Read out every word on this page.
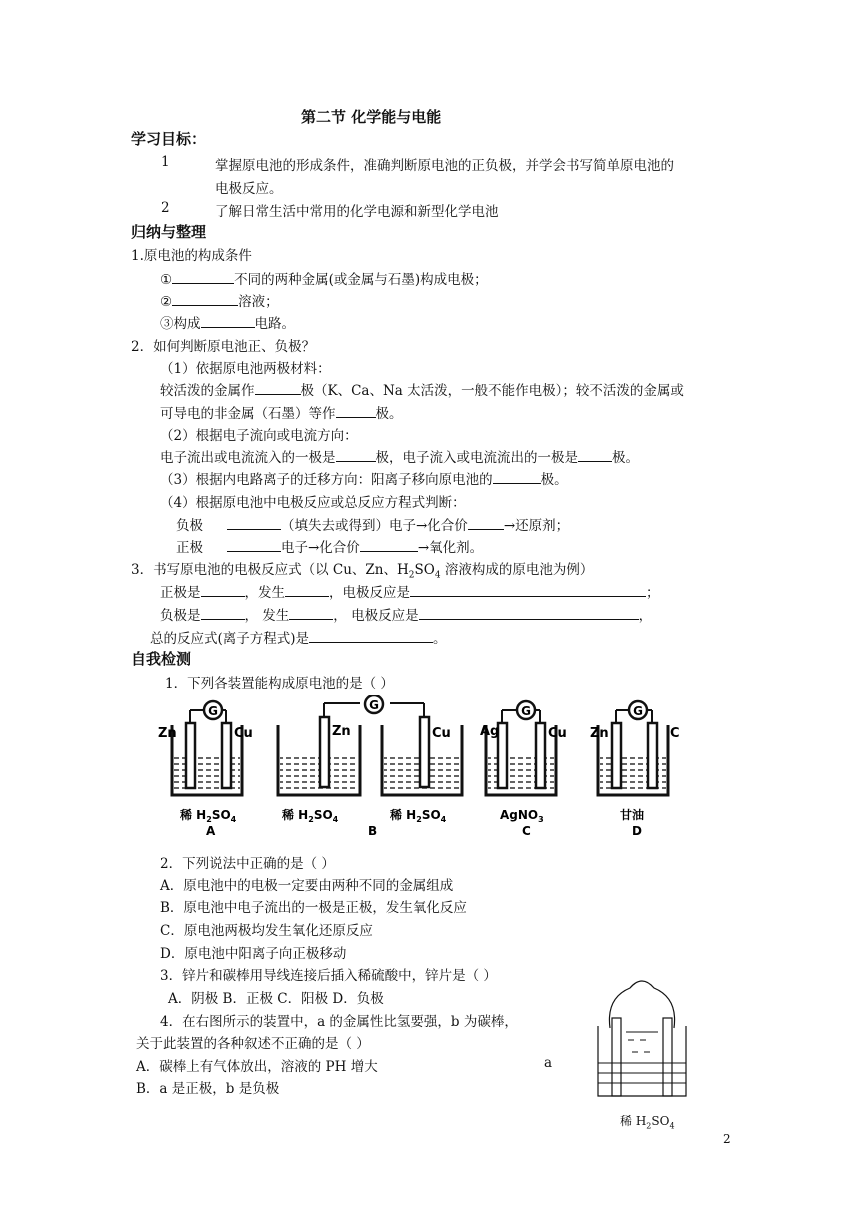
第二节 化学能与电能
学习目标：
1	掌握原电池的形成条件，准确判断原电池的正负极，并学会书写简单原电池的
电极反应。
2	了解日常生活中常用的化学电源和新型化学电池
归纳与整理
1.原电池的构成条件
①	不同的两种金属(或金属与石墨)构成电极；
②	溶液；
③构成	电路。
2．如何判断原电池正、负极？
（1）依据原电池两极材料：
较活泼的金属作	极（K、Ca、Na 太活泼，一般不能作电极）；较不活泼的金属或
可导电的非金属（石墨）等作	极。
（2）根据电子流向或电流方向：
电子流出或电流流入的一极是	极，电子流入或电流流出的一极是	极。
（3）根据内电路离子的迁移方向：阳离子移向原电池的	极。
（4）根据原电池中电极反应或总反应方程式判断：
负极	（填失去或得到）电子→化合价	→还原剂；
正极	电子→化合价	→氧化剂。
3．书写原电池的电极反应式（以 Cu、Zn、$H_2SO_4$ 溶液构成的原电池为例）
正极是	，发生	，电极反应是	；
负极是	， 发生	， 电极反应是	，
总的反应式(离子方程式)是	。
自我检测
1．下列各装置能构成原电池的是（ ）
G
Zn	Cu
稀 $H_2SO_4$
A
G
Zn	Cu
稀 $H_2SO_4$	稀 $H_2SO_4$
B
G
Ag	Cu
AgNO$_3$
C
G
Zn	C
甘油
D
2．下列说法中正确的是（ ）
A．原电池中的电极一定要由两种不同的金属组成
B．原电池中电子流出的一极是正极，发生氧化反应
C．原电池两极均发生氧化还原反应
D．原电池中阳离子向正极移动
3．锌片和碳棒用导线连接后插入稀硫酸中，锌片是（ ）
A．阴极 B．正极 C．阳极 D．负极
4．在右图所示的装置中，a 的金属性比氢要强，b 为碳棒，
关于此装置的各种叙述不正确的是（ ）
A．碳棒上有气体放出，溶液的 PH 增大	a
B．a 是正极，b 是负极
稀 $H_2SO_4$
2
